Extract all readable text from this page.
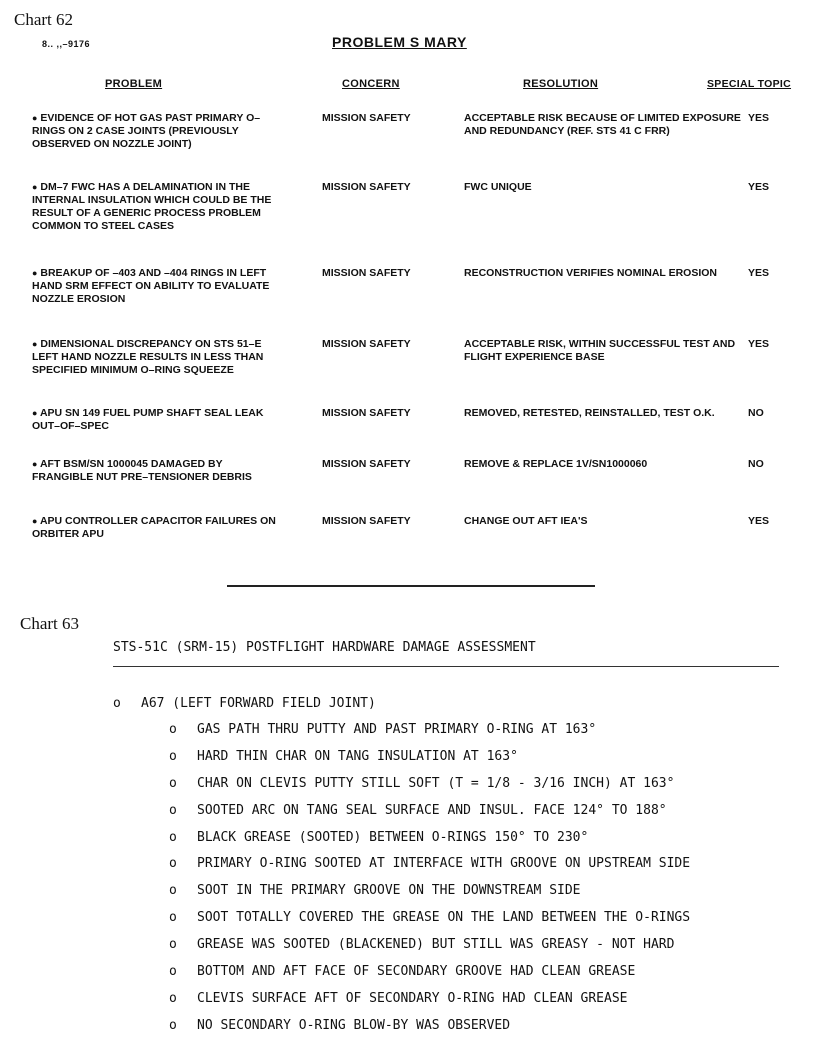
Chart 62
8.. ,,–9176	PROBLEM S MARY
PROBLEM	CONCERN	RESOLUTION	SPECIAL TOPIC
● EVIDENCE OF HOT GAS PAST PRIMARY O–RINGS ON 2 CASE JOINTS (PREVIOUSLY OBSERVED ON NOZZLE JOINT)
MISSION SAFETY	ACCEPTABLE RISK BECAUSE OF LIMITED EXPOSURE AND REDUNDANCY (REF. STS 41 C FRR)
YES
● DM–7 FWC HAS A DELAMINATION IN THE INTERNAL INSULATION WHICH COULD BE THE RESULT OF A GENERIC PROCESS PROBLEM COMMON TO STEEL CASES
MISSION SAFETY	FWC UNIQUE	YES
● BREAKUP OF –403 AND –404 RINGS IN LEFT HAND SRM EFFECT ON ABILITY TO EVALUATE NOZZLE EROSION
MISSION SAFETY	RECONSTRUCTION VERIFIES NOMINAL EROSION	YES
● DIMENSIONAL DISCREPANCY ON STS 51–E LEFT HAND NOZZLE RESULTS IN LESS THAN SPECIFIED MINIMUM O–RING SQUEEZE
MISSION SAFETY	ACCEPTABLE RISK, WITHIN SUCCESSFUL TEST AND FLIGHT EXPERIENCE BASE
YES
● APU SN 149 FUEL PUMP SHAFT SEAL LEAK OUT–OF–SPEC
MISSION SAFETY	REMOVED, RETESTED, REINSTALLED, TEST O.K.	NO
● AFT BSM/SN 1000045 DAMAGED BY FRANGIBLE NUT PRE–TENSIONER DEBRIS
MISSION SAFETY	REMOVE & REPLACE 1V/SN1000060	NO
● APU CONTROLLER CAPACITOR FAILURES ON ORBITER APU
MISSION SAFETY	CHANGE OUT AFT IEA'S	YES
Chart 63
STS-51C (SRM-15) POSTFLIGHT HARDWARE DAMAGE ASSESSMENT
o A67 (LEFT FORWARD FIELD JOINT)
o GAS PATH THRU PUTTY AND PAST PRIMARY O-RING AT 163°
o HARD THIN CHAR ON TANG INSULATION AT 163°
o CHAR ON CLEVIS PUTTY STILL SOFT (T = 1/8 - 3/16 INCH) AT 163°
o SOOTED ARC ON TANG SEAL SURFACE AND INSUL. FACE 124° TO 188°
o BLACK GREASE (SOOTED) BETWEEN O-RINGS 150° TO 230°
o PRIMARY O-RING SOOTED AT INTERFACE WITH GROOVE ON UPSTREAM SIDE
o SOOT IN THE PRIMARY GROOVE ON THE DOWNSTREAM SIDE
o SOOT TOTALLY COVERED THE GREASE ON THE LAND BETWEEN THE O-RINGS
o GREASE WAS SOOTED (BLACKENED) BUT STILL WAS GREASY - NOT HARD
o BOTTOM AND AFT FACE OF SECONDARY GROOVE HAD CLEAN GREASE
o CLEVIS SURFACE AFT OF SECONDARY O-RING HAD CLEAN GREASE
o NO SECONDARY O-RING BLOW-BY WAS OBSERVED
